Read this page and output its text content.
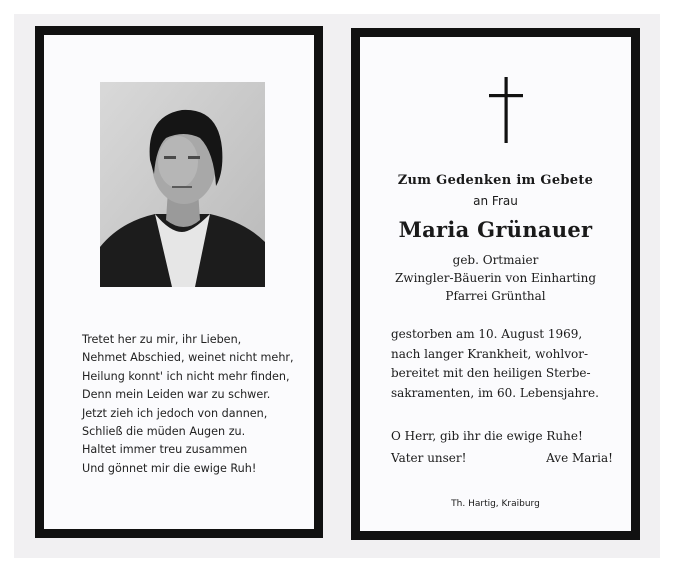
Tretet her zu mir, ihr Lieben,
Nehmet Abschied, weinet nicht mehr,
Heilung konnt' ich nicht mehr finden,
Denn mein Leiden war zu schwer.
Jetzt zieh ich jedoch von dannen,
Schließ die müden Augen zu.
Haltet immer treu zusammen
Und gönnet mir die ewige Ruh!
Zum Gedenken im Gebete
an Frau
Maria Grünauer
geb. Ortmaier
Zwingler-Bäuerin von Einharting
Pfarrei Grünthal
gestorben am 10. August 1969,
nach langer Krankheit, wohlvor-
bereitet mit den heiligen Sterbe-
sakramenten, im 60. Lebensjahre.
O Herr, gib ihr die ewige Ruhe!
Vater unser!	Ave Maria!
Th. Hartig, Kraiburg
